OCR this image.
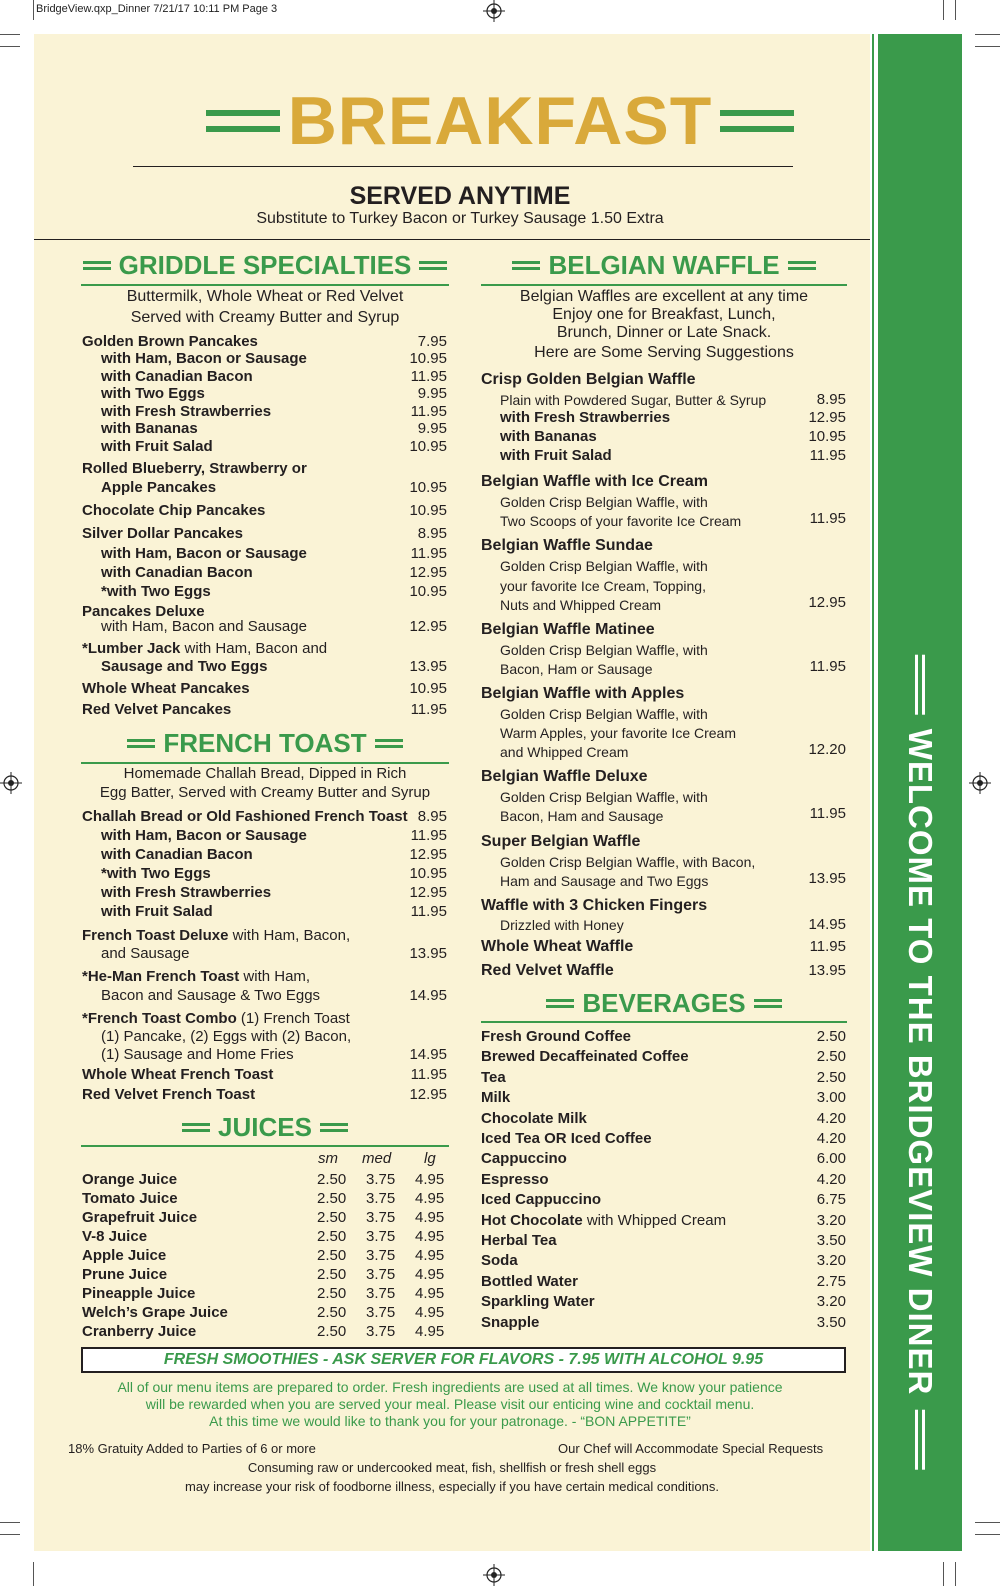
BridgeView.qxp_Dinner 7/21/17 10:11 PM Page 3
WELCOME TO THE BRIDGEVIEW DINER
BREAKFAST
SERVED ANYTIME
Substitute to Turkey Bacon or Turkey Sausage 1.50 Extra
GRIDDLE SPECIALTIES
Buttermilk, Whole Wheat or Red Velvet
Served with Creamy Butter and Syrup
Golden Brown Pancakes	7.95
with Ham, Bacon or Sausage	10.95
with Canadian Bacon	11.95
with Two Eggs	9.95
with Fresh Strawberries	11.95
with Bananas	9.95
with Fruit Salad	10.95
Rolled Blueberry, Strawberry or
Apple Pancakes	10.95
Chocolate Chip Pancakes	10.95
Silver Dollar Pancakes	8.95
with Ham, Bacon or Sausage	11.95
with Canadian Bacon	12.95
*with Two Eggs	10.95
Pancakes Deluxe
with Ham, Bacon and Sausage	12.95
*Lumber Jack with Ham, Bacon and
Sausage and Two Eggs	13.95
Whole Wheat Pancakes	10.95
Red Velvet Pancakes	11.95
FRENCH TOAST
Homemade Challah Bread, Dipped in Rich
Egg Batter, Served with Creamy Butter and Syrup
Challah Bread or Old Fashioned French Toast 8.95
with Ham, Bacon or Sausage	11.95
with Canadian Bacon	12.95
*with Two Eggs	10.95
with Fresh Strawberries	12.95
with Fruit Salad	11.95
French Toast Deluxe with Ham, Bacon,
and Sausage	13.95
*He-Man French Toast with Ham,
Bacon and Sausage & Two Eggs	14.95
*French Toast Combo (1) French Toast
(1) Pancake, (2) Eggs with (2) Bacon,
(1) Sausage and Home Fries	14.95
Whole Wheat French Toast	11.95
Red Velvet French Toast	12.95
JUICES
sm med lg
Orange Juice	2.50 3.75 4.95
Tomato Juice	2.50 3.75 4.95
Grapefruit Juice	2.50 3.75 4.95
V-8 Juice	2.50 3.75 4.95
Apple Juice	2.50 3.75 4.95
Prune Juice	2.50 3.75 4.95
Pineapple Juice	2.50 3.75 4.95
Welch’s Grape Juice	2.50 3.75 4.95
Cranberry Juice	2.50 3.75 4.95
BELGIAN WAFFLE
Belgian Waffles are excellent at any time
Enjoy one for Breakfast, Lunch,
Brunch, Dinner or Late Snack.
Here are Some Serving Suggestions
Crisp Golden Belgian Waffle
Plain with Powdered Sugar, Butter & Syrup	8.95
with Fresh Strawberries	12.95
with Bananas	10.95
with Fruit Salad	11.95
Belgian Waffle with Ice Cream
Golden Crisp Belgian Waffle, with
Two Scoops of your favorite Ice Cream	11.95
Belgian Waffle Sundae
Golden Crisp Belgian Waffle, with
your favorite Ice Cream, Topping,
Nuts and Whipped Cream	12.95
Belgian Waffle Matinee
Golden Crisp Belgian Waffle, with
Bacon, Ham or Sausage	11.95
Belgian Waffle with Apples
Golden Crisp Belgian Waffle, with
Warm Apples, your favorite Ice Cream
and Whipped Cream	12.20
Belgian Waffle Deluxe
Golden Crisp Belgian Waffle, with
Bacon, Ham and Sausage	11.95
Super Belgian Waffle
Golden Crisp Belgian Waffle, with Bacon,
Ham and Sausage and Two Eggs	13.95
Waffle with 3 Chicken Fingers
Drizzled with Honey	14.95
Whole Wheat Waffle	11.95
Red Velvet Waffle	13.95
BEVERAGES
Fresh Ground Coffee	2.50
Brewed Decaffeinated Coffee	2.50
Tea	2.50
Milk	3.00
Chocolate Milk	4.20
Iced Tea OR Iced Coffee	4.20
Cappuccino	6.00
Espresso	4.20
Iced Cappuccino	6.75
Hot Chocolate with Whipped Cream	3.20
Herbal Tea	3.50
Soda	3.20
Bottled Water	2.75
Sparkling Water	3.20
Snapple	3.50
FRESH SMOOTHIES - ASK SERVER FOR FLAVORS - 7.95 WITH ALCOHOL 9.95
All of our menu items are prepared to order. Fresh ingredients are used at all times. We know your patience
will be rewarded when you are served your meal. Please visit our enticing wine and cocktail menu.
At this time we would like to thank you for your patronage. - “BON APPETITE”
18% Gratuity Added to Parties of 6 or more	Our Chef will Accommodate Special Requests
Consuming raw or undercooked meat, fish, shellfish or fresh shell eggs
may increase your risk of foodborne illness, especially if you have certain medical conditions.
